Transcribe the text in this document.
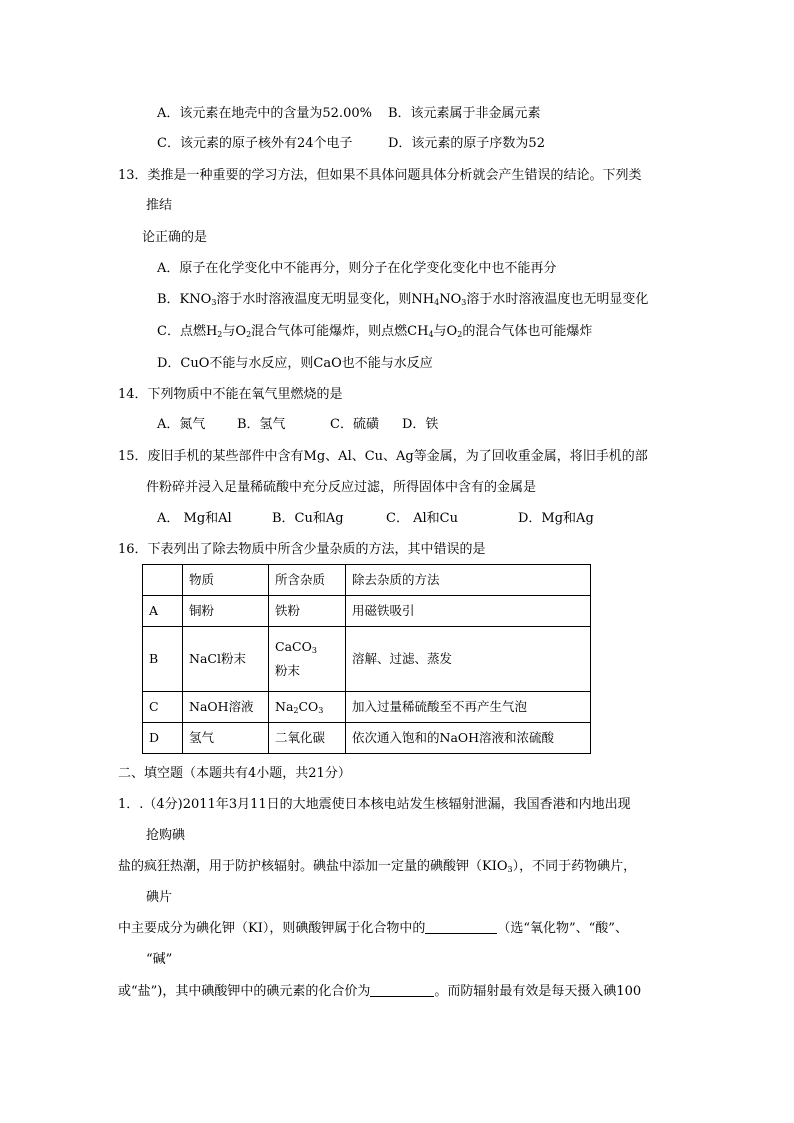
A．该元素在地壳中的含量为52.00% B．该元素属于非金属元素
C．该元素的原子核外有24个电子	D．该元素的原子序数为52
13．类推是一种重要的学习方法，但如果不具体问题具体分析就会产生错误的结论。下列类
推结
论正确的是
A．原子在化学变化中不能再分，则分子在化学变化变化中也不能再分
B．$KNO_3$溶于水时溶液温度无明显变化，则$NH_4NO_3$溶于水时溶液温度也无明显变化
C．点燃$H_2$与$O_2$混合气体可能爆炸，则点燃$CH_4$与$O_2$的混合气体也可能爆炸
D．CuO不能与水反应，则CaO也不能与水反应
14．下列物质中不能在氧气里燃烧的是
A．氮气 B．氢气	C．硫磺 D．铁
15．废旧手机的某些部件中含有Mg、Al、Cu、Ag等金属，为了回收重金属，将旧手机的部
件粉碎并浸入足量稀硫酸中充分反应过滤，所得固体中含有的金属是
A． Mg和Al	B．Cu和Ag	C． Al和Cu	D．Mg和Ag
16．下表列出了除去物质中所含少量杂质的方法，其中错误的是
	物质	所含杂质	除去杂质的方法
A	铜粉	铁粉	用磁铁吸引
B	NaCl粉末	CaCO$_3$　粉末	溶解、过滤、蒸发
C	NaOH溶液	$Na_2CO_3$	加入过量稀硫酸至不再产生气泡
D	氢气	二氧化碳	依次通入饱和的NaOH溶液和浓硫酸
二、填空题（本题共有4小题，共21分）
1．.（4分)2011年3月11日的大地震使日本核电站发生核辐射泄漏，我国香港和内地出现
抢购碘
盐的疯狂热潮，用于防护核辐射。碘盐中添加一定量的碘酸钾$(KIO_3)$，不同于药物碘片，
碘片
中主要成分为碘化钾（KI），则碘酸钾属于化合物中的	（选“氧化物”、“酸”、
“碱”
或“盐”)，其中碘酸钾中的碘元素的化合价为	。而防辐射最有效是每天摄入碘100
